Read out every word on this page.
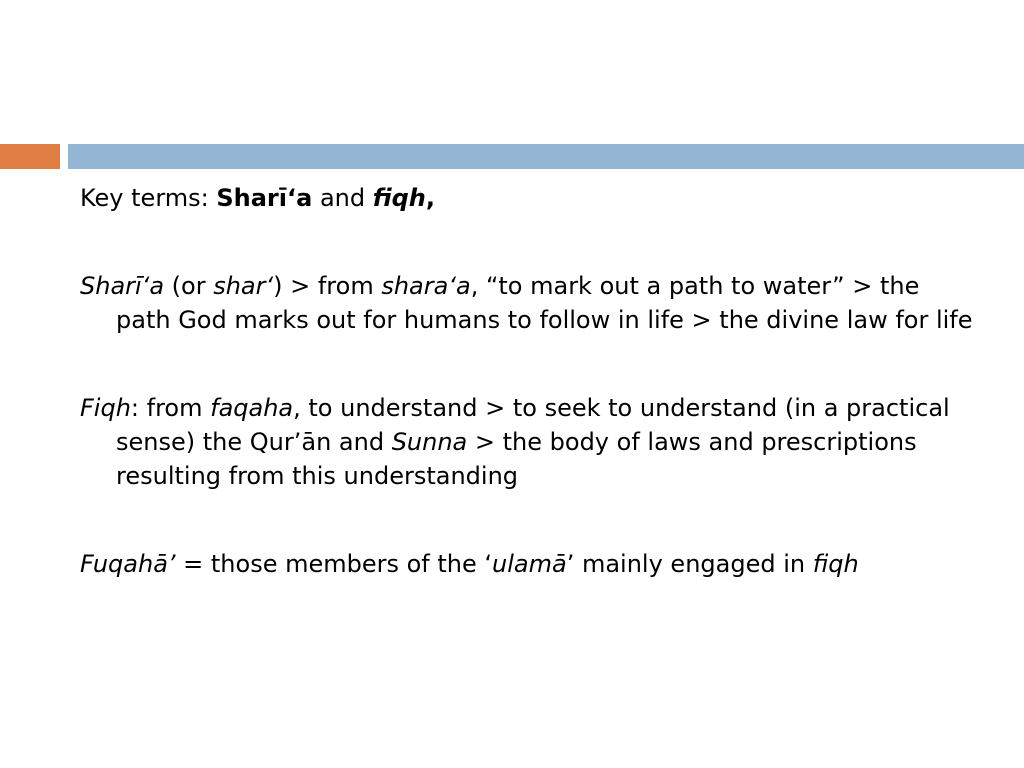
Key terms: Sharī‘a and fiqh,

Sharī‘a (or shar‘) > from shara‘a, “to mark out a path to water” > the path God marks out for humans to follow in life > the divine law for life

Fiqh: from faqaha, to understand > to seek to understand (in a practical sense) the Qur’ān and Sunna > the body of laws and prescriptions resulting from this understanding

Fuqahā’ = those members of the ‘ulamā’ mainly engaged in fiqh
